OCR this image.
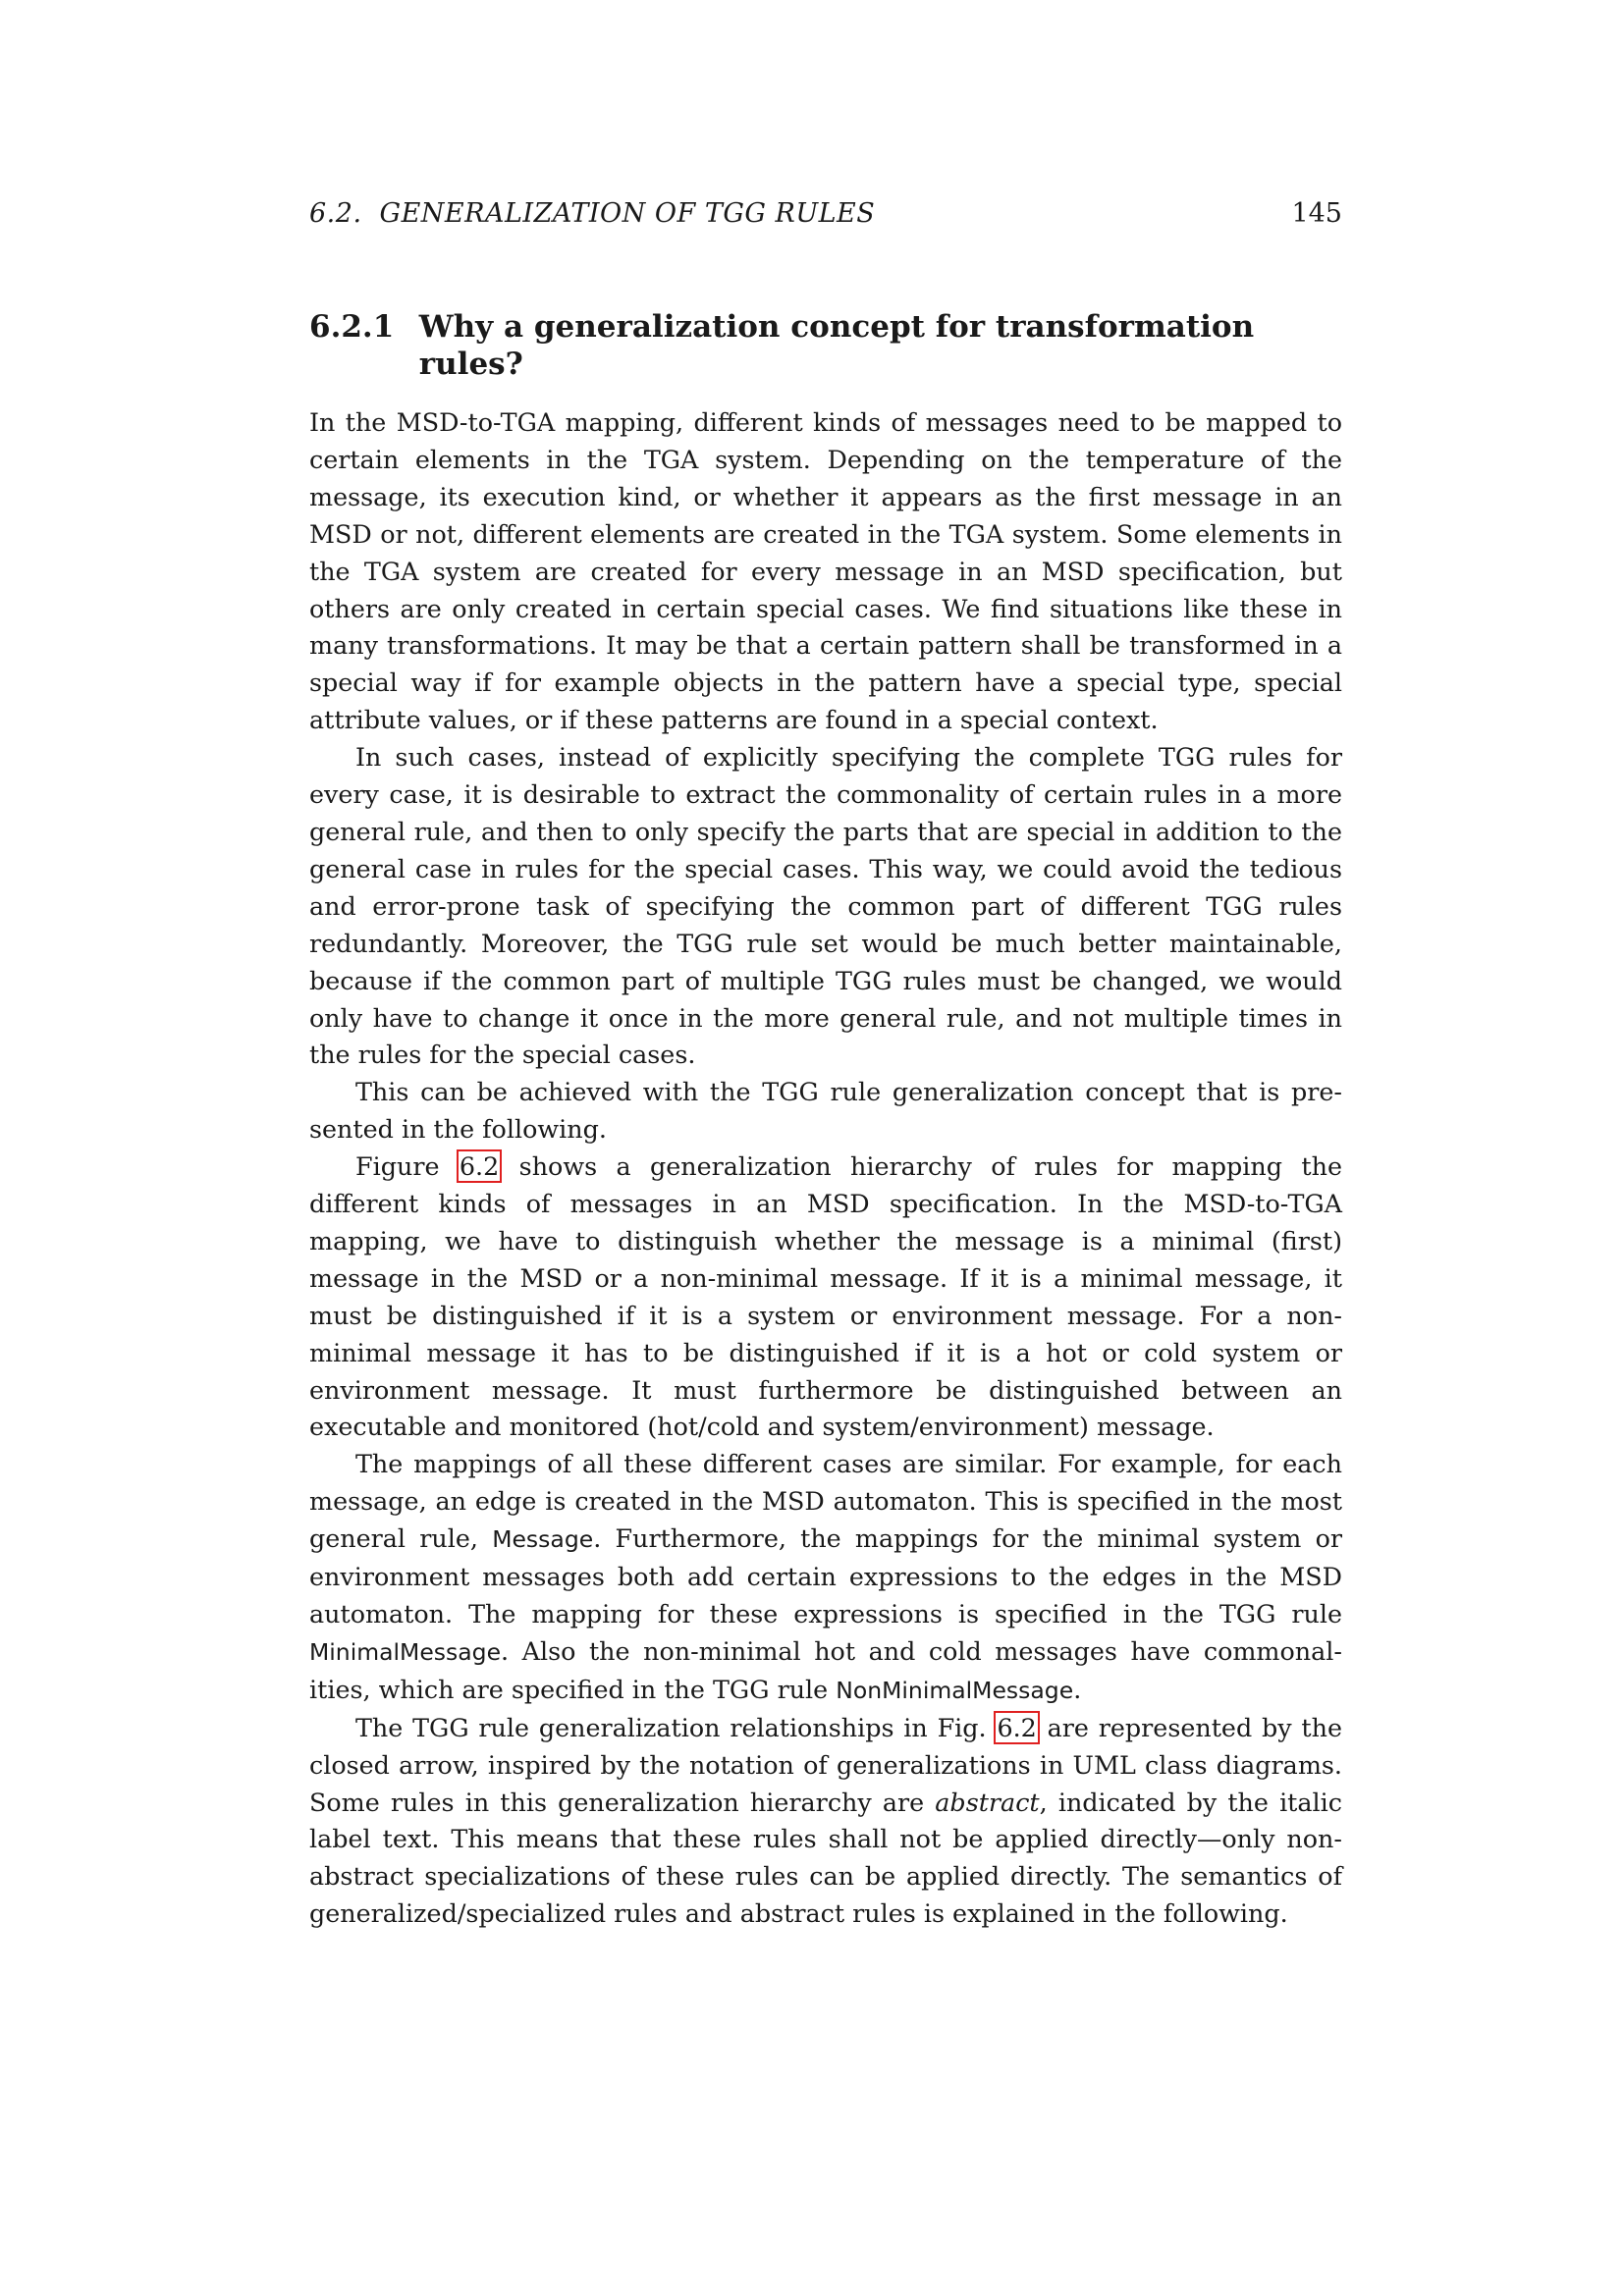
6.2. GENERALIZATION OF TGG RULES	145
6.2.1 Why a generalization concept for transformation rules?

In the MSD-to-TGA mapping, different kinds of messages need to be mapped to certain elements in the TGA system. Depending on the temperature of the message, its execution kind, or whether it appears as the first message in an MSD or not, different elements are created in the TGA system. Some elements in the TGA system are created for every message in an MSD specification, but others are only created in certain special cases. We find situations like these in many transformations. It may be that a certain pattern shall be transformed in a special way if for example objects in the pattern have a special type, special attribute values, or if these patterns are found in a special context.

In such cases, instead of explicitly specifying the complete TGG rules for every case, it is desirable to extract the commonality of certain rules in a more general rule, and then to only specify the parts that are special in addition to the general case in rules for the special cases. This way, we could avoid the tedious and error-prone task of specifying the common part of different TGG rules redundantly. Moreover, the TGG rule set would be much better maintainable, because if the common part of multiple TGG rules must be changed, we would only have to change it once in the more general rule, and not multiple times in the rules for the special cases.

This can be achieved with the TGG rule generalization concept that is presented in the following.

Figure 6.2 shows a generalization hierarchy of rules for mapping the different kinds of messages in an MSD specification. In the MSD-to-TGA mapping, we have to distinguish whether the message is a minimal (first) message in the MSD or a non-minimal message. If it is a minimal message, it must be distinguished if it is a system or environment message. For a non-minimal message it has to be distinguished if it is a hot or cold system or environment message. It must furthermore be distinguished between an executable and monitored (hot/cold and system/environment) message.

The mappings of all these different cases are similar. For example, for each message, an edge is created in the MSD automaton. This is specified in the most general rule, Message. Furthermore, the mappings for the minimal system or environment messages both add certain expressions to the edges in the MSD automaton. The mapping for these expressions is specified in the TGG rule MinimalMessage. Also the non-minimal hot and cold messages have commonalities, which are specified in the TGG rule NonMinimalMessage.

The TGG rule generalization relationships in Fig. 6.2 are represented by the closed arrow, inspired by the notation of generalizations in UML class diagrams. Some rules in this generalization hierarchy are abstract, indicated by the italic label text. This means that these rules shall not be applied directly—only nonabstract specializations of these rules can be applied directly. The semantics of generalized/specialized rules and abstract rules is explained in the following.
